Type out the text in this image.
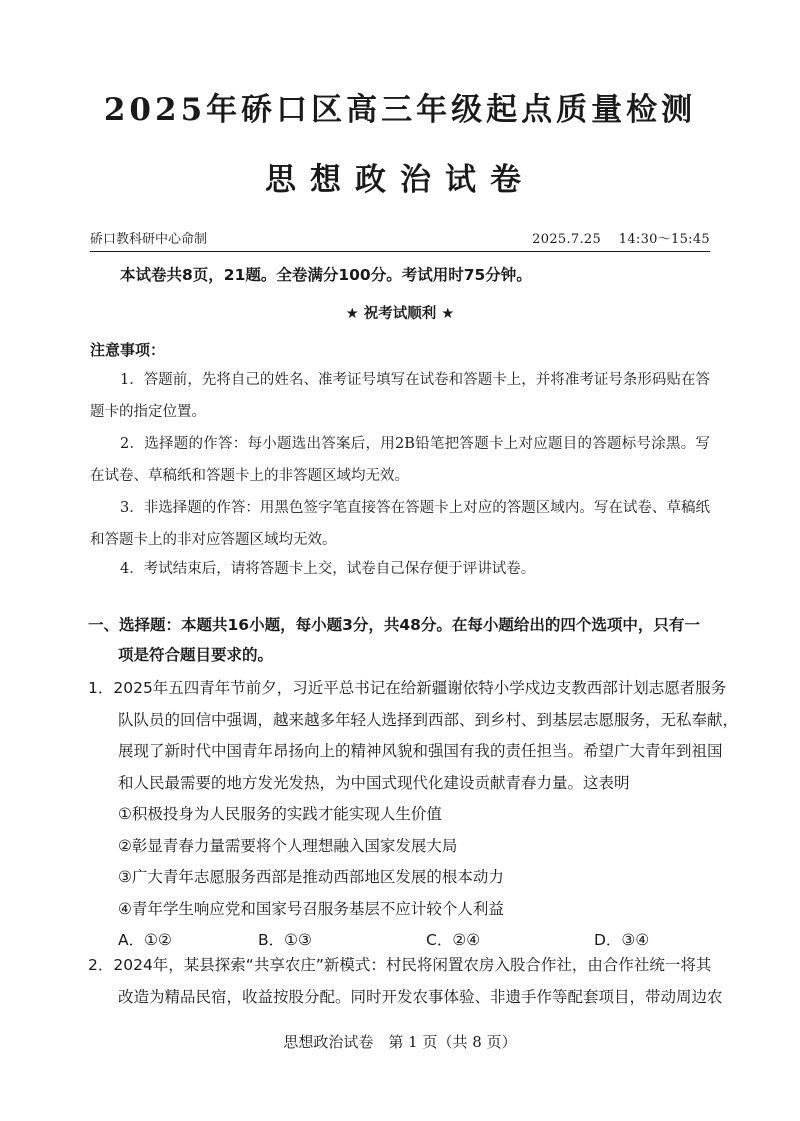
2025年硚口区高三年级起点质量检测
思想政治试卷
硚口教科研中心命制	2025.7.25　 14:30～15:45
本试卷共8页，21题。全卷满分100分。考试用时75分钟。
★ 祝考试顺利 ★
注意事项：
1．答题前，先将自己的姓名、准考证号填写在试卷和答题卡上，并将准考证号条形码贴在答题卡的指定位置。
2．选择题的作答：每小题选出答案后，用2B铅笔把答题卡上对应题目的答题标号涂黑。写在试卷、草稿纸和答题卡上的非答题区域均无效。
3．非选择题的作答：用黑色签字笔直接答在答题卡上对应的答题区域内。写在试卷、草稿纸和答题卡上的非对应答题区域均无效。
4．考试结束后，请将答题卡上交，试卷自己保存便于评讲试卷。
一、选择题：本题共16小题，每小题3分，共48分。在每小题给出的四个选项中，只有一
项是符合题目要求的。
1．2025年五四青年节前夕，习近平总书记在给新疆谢依特小学戍边支教西部计划志愿者服务
队队员的回信中强调，越来越多年轻人选择到西部、到乡村、到基层志愿服务，无私奉献，
展现了新时代中国青年昂扬向上的精神风貌和强国有我的责任担当。希望广大青年到祖国
和人民最需要的地方发光发热，为中国式现代化建设贡献青春力量。这表明
①积极投身为人民服务的实践才能实现人生价值
②彰显青春力量需要将个人理想融入国家发展大局
③广大青年志愿服务西部是推动西部地区发展的根本动力
④青年学生响应党和国家号召服务基层不应计较个人利益
A．①②	B．①③	C．②④	D．③④
2．2024年，某县探索“共享农庄”新模式：村民将闲置农房入股合作社，由合作社统一将其
改造为精品民宿，收益按股分配。同时开发农事体验、非遗手作等配套项目，带动周边农
思想政治试卷　第 1 页（共 8 页）
